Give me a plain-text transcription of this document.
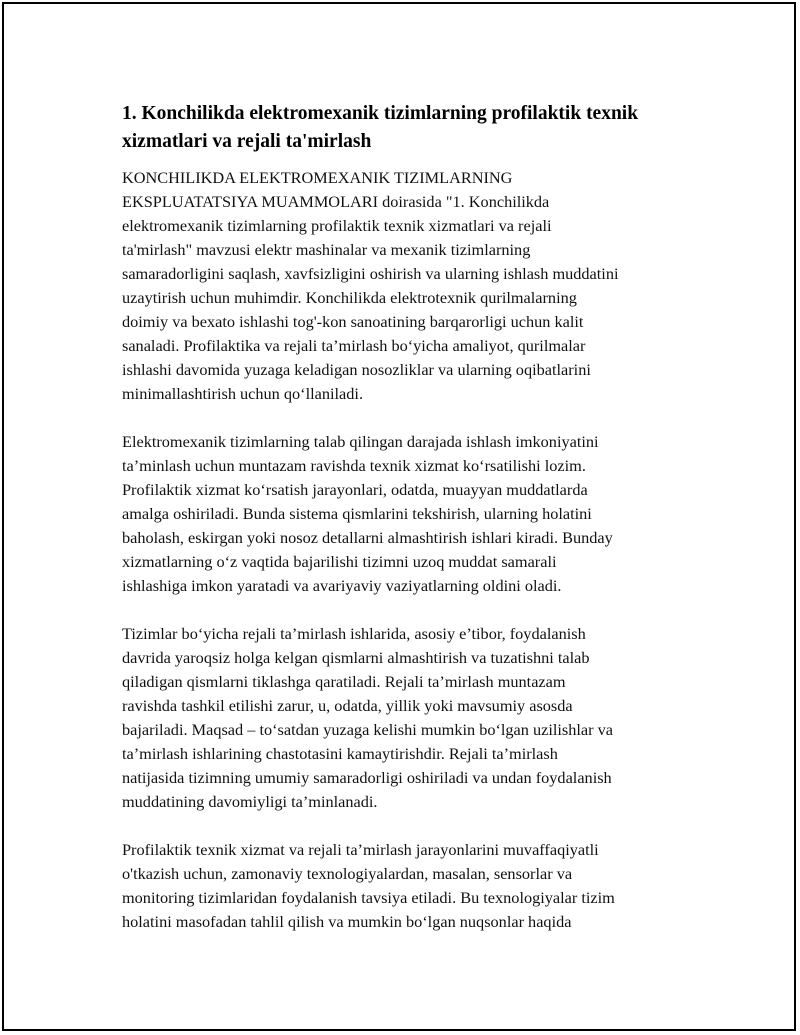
1. Konchilikda elektromexanik tizimlarning profilaktik texnik xizmatlari va rejali ta'mirlash

KONCHILIKDA ELEKTROMEXANIK TIZIMLARNING
EKSPLUATATSIYA MUAMMOLARI doirasida "1. Konchilikda
elektromexanik tizimlarning profilaktik texnik xizmatlari va rejali
ta'mirlash" mavzusi elektr mashinalar va mexanik tizimlarning
samaradorligini saqlash, xavfsizligini oshirish va ularning ishlash muddatini
uzaytirish uchun muhimdir. Konchilikda elektrotexnik qurilmalarning
doimiy va bexato ishlashi tog'-kon sanoatining barqarorligi uchun kalit
sanaladi. Profilaktika va rejali ta’mirlash bo‘yicha amaliyot, qurilmalar
ishlashi davomida yuzaga keladigan nosozliklar va ularning oqibatlarini
minimallashtirish uchun qo‘llaniladi.

Elektromexanik tizimlarning talab qilingan darajada ishlash imkoniyatini
ta’minlash uchun muntazam ravishda texnik xizmat ko‘rsatilishi lozim.
Profilaktik xizmat ko‘rsatish jarayonlari, odatda, muayyan muddatlarda
amalga oshiriladi. Bunda sistema qismlarini tekshirish, ularning holatini
baholash, eskirgan yoki nosoz detallarni almashtirish ishlari kiradi. Bunday
xizmatlarning o‘z vaqtida bajarilishi tizimni uzoq muddat samarali
ishlashiga imkon yaratadi va avariyaviy vaziyatlarning oldini oladi.

Tizimlar bo‘yicha rejali ta’mirlash ishlarida, asosiy e’tibor, foydalanish
davrida yaroqsiz holga kelgan qismlarni almashtirish va tuzatishni talab
qiladigan qismlarni tiklashga qaratiladi. Rejali ta’mirlash muntazam
ravishda tashkil etilishi zarur, u, odatda, yillik yoki mavsumiy asosda
bajariladi. Maqsad – to‘satdan yuzaga kelishi mumkin bo‘lgan uzilishlar va
ta’mirlash ishlarining chastotasini kamaytirishdir. Rejali ta’mirlash
natijasida tizimning umumiy samaradorligi oshiriladi va undan foydalanish
muddatining davomiyligi ta’minlanadi.

Profilaktik texnik xizmat va rejali ta’mirlash jarayonlarini muvaffaqiyatli
o'tkazish uchun, zamonaviy texnologiyalardan, masalan, sensorlar va
monitoring tizimlaridan foydalanish tavsiya etiladi. Bu texnologiyalar tizim
holatini masofadan tahlil qilish va mumkin bo‘lgan nuqsonlar haqida
